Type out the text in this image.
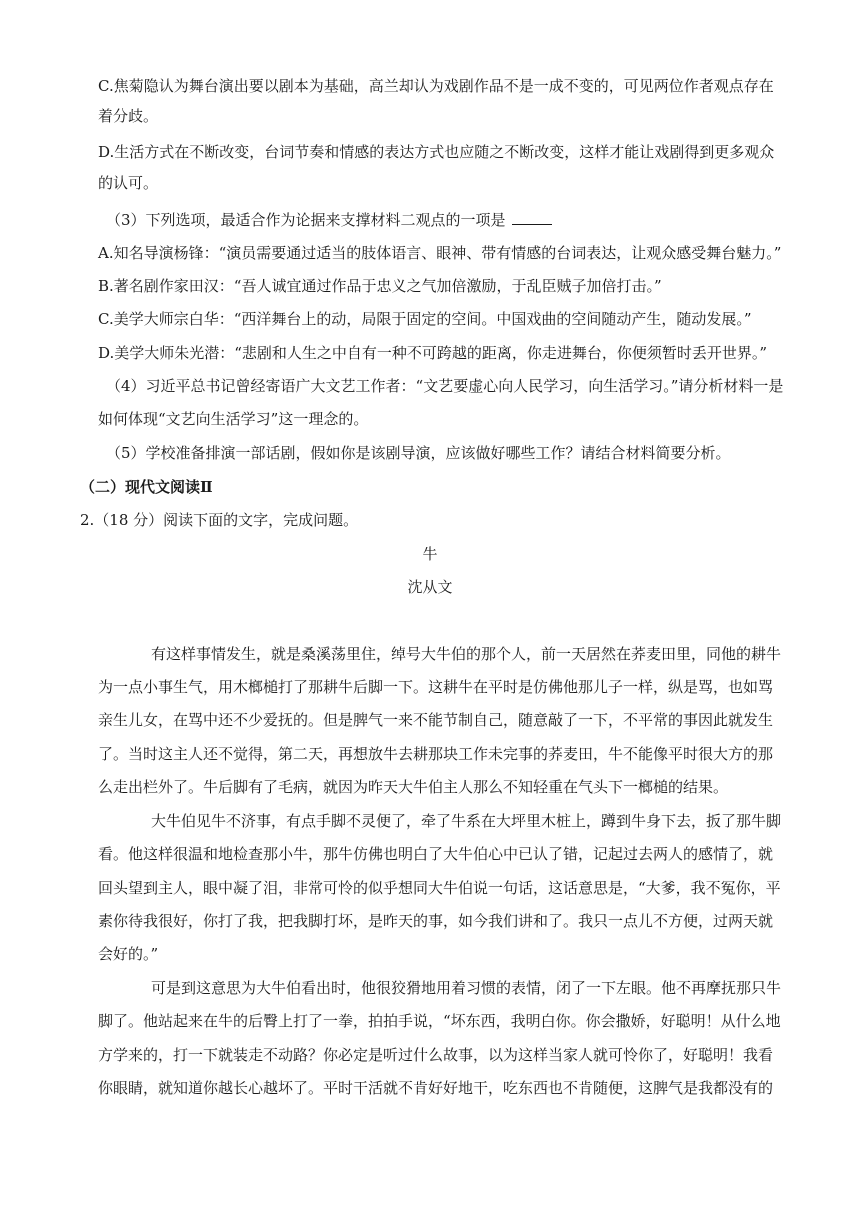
C.焦菊隐认为舞台演出要以剧本为基础，高兰却认为戏剧作品不是一成不变的，可见两位作者观点存在
着分歧。
D.生活方式在不断改变，台词节奏和情感的表达方式也应随之不断改变，这样才能让戏剧得到更多观众
的认可。
（3）下列选项，最适合作为论据来支撑材料二观点的一项是
A.知名导演杨锋：“演员需要通过适当的肢体语言、眼神、带有情感的台词表达，让观众感受舞台魅力。”
B.著名剧作家田汉：“吾人诚宜通过作品于忠义之气加倍激励，于乱臣贼子加倍打击。”
C.美学大师宗白华：“西洋舞台上的动，局限于固定的空间。中国戏曲的空间随动产生，随动发展。”
D.美学大师朱光潜：“悲剧和人生之中自有一种不可跨越的距离，你走进舞台，你便须暂时丢开世界。”
（4）习近平总书记曾经寄语广大文艺工作者：“文艺要虚心向人民学习，向生活学习。”请分析材料一是
如何体现“文艺向生活学习”这一理念的。
（5）学校准备排演一部话剧，假如你是该剧导演，应该做好哪些工作？请结合材料简要分析。
（二）现代文阅读Ⅱ
2.（18 分）阅读下面的文字，完成问题。
牛
沈从文
有这样事情发生，就是桑溪荡里住，绰号大牛伯的那个人，前一天居然在荞麦田里，同他的耕牛
为一点小事生气，用木榔槌打了那耕牛后脚一下。这耕牛在平时是仿佛他那儿子一样，纵是骂，也如骂
亲生儿女，在骂中还不少爱抚的。但是脾气一来不能节制自己，随意敲了一下，不平常的事因此就发生
了。当时这主人还不觉得，第二天，再想放牛去耕那块工作未完事的荞麦田，牛不能像平时很大方的那
么走出栏外了。牛后脚有了毛病，就因为昨天大牛伯主人那么不知轻重在气头下一榔槌的结果。
大牛伯见牛不济事，有点手脚不灵便了，牵了牛系在大坪里木桩上，蹲到牛身下去，扳了那牛脚
看。他这样很温和地检查那小牛，那牛仿佛也明白了大牛伯心中已认了错，记起过去两人的感情了，就
回头望到主人，眼中凝了泪，非常可怜的似乎想同大牛伯说一句话，这话意思是，“大爹，我不冤你，平
素你待我很好，你打了我，把我脚打坏，是昨天的事，如今我们讲和了。我只一点儿不方便，过两天就
会好的。”
可是到这意思为大牛伯看出时，他很狡猾地用着习惯的表情，闭了一下左眼。他不再摩抚那只牛
脚了。他站起来在牛的后臀上打了一拳，拍拍手说，“坏东西，我明白你。你会撒娇，好聪明！从什么地
方学来的，打一下就装走不动路？你必定是听过什么故事，以为这样当家人就可怜你了，好聪明！我看
你眼睛，就知道你越长心越坏了。平时干活就不肯好好地干，吃东西也不肯随便，这脾气是我都没有的
